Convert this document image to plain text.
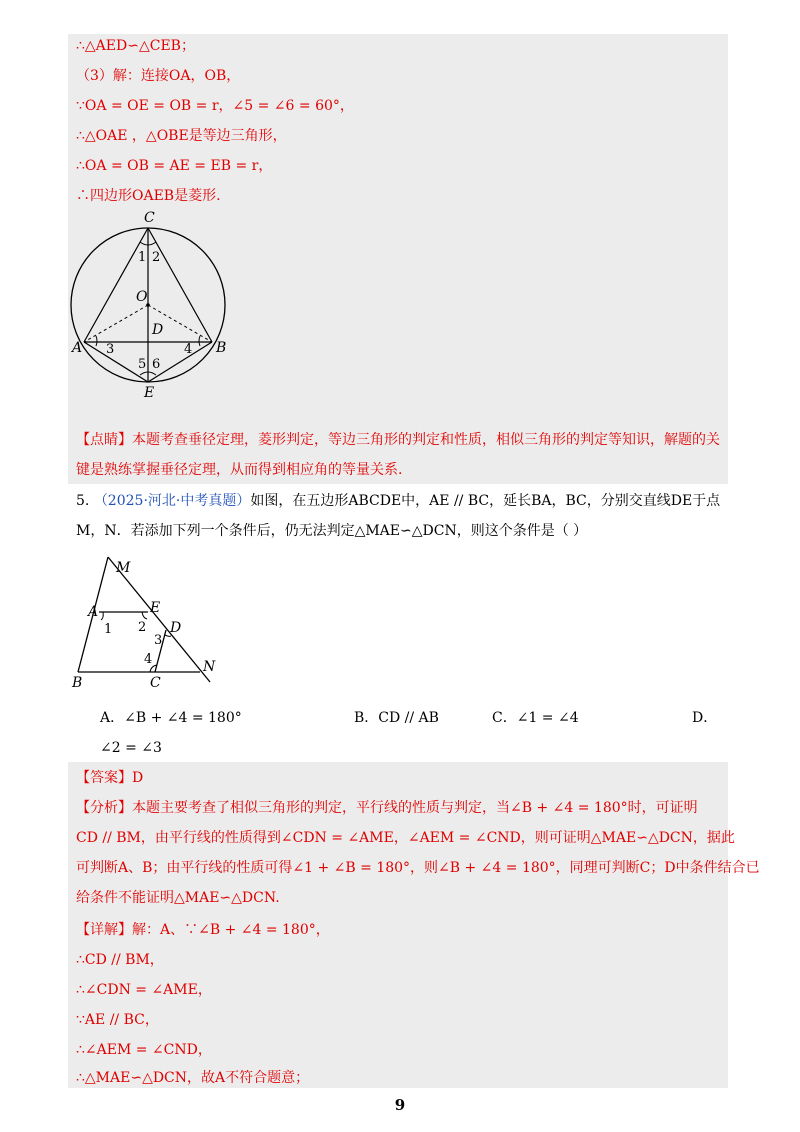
∴△AED∽△CEB；
（3）解：连接OA，OB，
∵OA = OE = OB = r，∠5 = ∠6 = 60°，
∴△OAE ，△OBE是等边三角形，
∴OA = OB = AE = EB = r，
∴四边形OAEB是菱形.
C
O
D
A	B
E
1 2
3	4
5 6
【点睛】本题考查垂径定理，菱形判定，等边三角形的判定和性质，相似三角形的判定等知识，解题的关
键是熟练掌握垂径定理，从而得到相应角的等量关系.
5. （2025·河北·中考真题）如图，在五边形ABCDE中，AE // BC，延长BA，BC，分别交直线DE于点
M，N．若添加下列一个条件后，仍无法判定△MAE∽△DCN，则这个条件是（ ）
M
A	E
D
B	C
N
1 2
3
4
A．∠B + ∠4 = 180°	B．CD // AB	C．∠1 = ∠4	D．
∠2 = ∠3
【答案】D
【分析】本题主要考查了相似三角形的判定，平行线的性质与判定，当∠B + ∠4 = 180°时，可证明
CD // BM，由平行线的性质得到∠CDN = ∠AME，∠AEM = ∠CND，则可证明△MAE∽△DCN，据此
可判断A、B；由平行线的性质可得∠1 + ∠B = 180°，则∠B + ∠4 = 180°，同理可判断C；D中条件结合已
给条件不能证明△MAE∽△DCN.
【详解】解：A、∵∠B + ∠4 = 180°，
∴CD // BM，
∴∠CDN = ∠AME，
∵AE // BC，
∴∠AEM = ∠CND，
∴△MAE∽△DCN，故A不符合题意；
9
